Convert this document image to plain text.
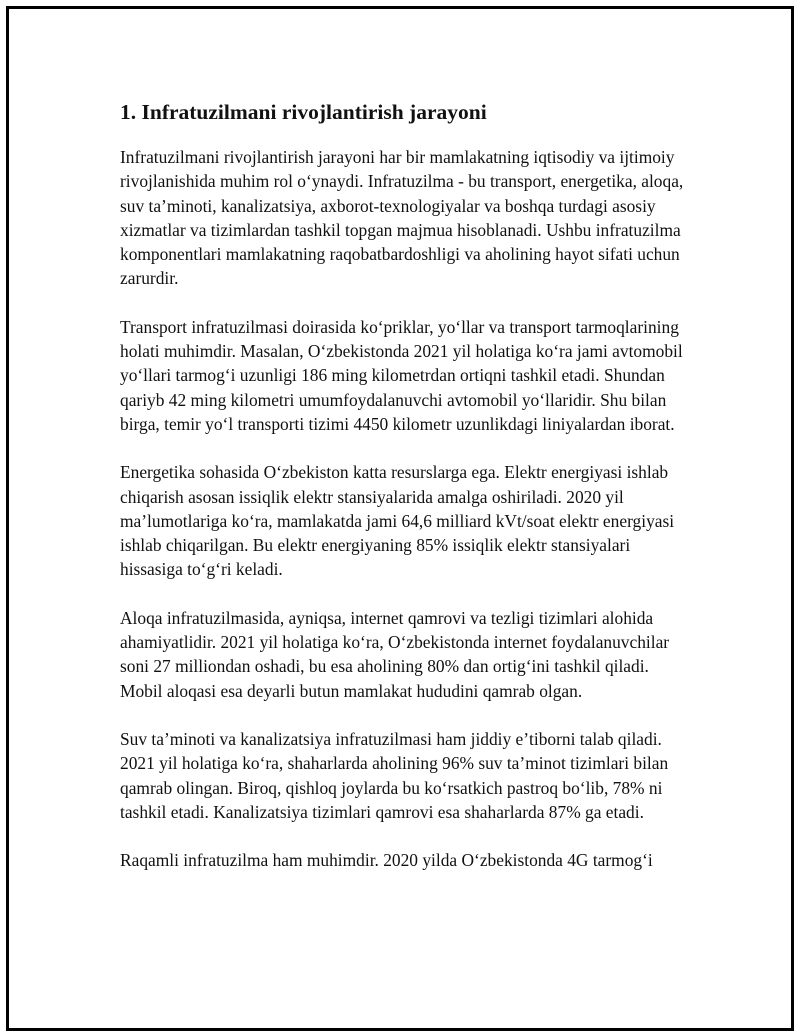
1. Infratuzilmani rivojlantirish jarayoni

Infratuzilmani rivojlantirish jarayoni har bir mamlakatning iqtisodiy va ijtimoiy rivojlanishida muhim rol oʻynaydi. Infratuzilma - bu transport, energetika, aloqa, suv taʼminoti, kanalizatsiya, axborot-texnologiyalar va boshqa turdagi asosiy xizmatlar va tizimlardan tashkil topgan majmua hisoblanadi. Ushbu infratuzilma komponentlari mamlakatning raqobatbardoshligi va aholining hayot sifati uchun zarurdir.

Transport infratuzilmasi doirasida koʻpriklar, yoʻllar va transport tarmoqlarining holati muhimdir. Masalan, Oʻzbekistonda 2021 yil holatiga koʻra jami avtomobil yoʻllari tarmogʻi uzunligi 186 ming kilometrdan ortiqni tashkil etadi. Shundan qariyb 42 ming kilometri umumfoydalanuvchi avtomobil yoʻllaridir. Shu bilan birga, temir yoʻl transporti tizimi 4450 kilometr uzunlikdagi liniyalardan iborat.

Energetika sohasida Oʻzbekiston katta resurslarga ega. Elektr energiyasi ishlab chiqarish asosan issiqlik elektr stansiyalarida amalga oshiriladi. 2020 yil maʼlumotlariga koʻra, mamlakatda jami 64,6 milliard kVt/soat elektr energiyasi ishlab chiqarilgan. Bu elektr energiyaning 85% issiqlik elektr stansiyalari hissasiga toʻgʻri keladi.

Aloqa infratuzilmasida, ayniqsa, internet qamrovi va tezligi tizimlari alohida ahamiyatlidir. 2021 yil holatiga koʻra, Oʻzbekistonda internet foydalanuvchilar soni 27 milliondan oshadi, bu esa aholining 80% dan ortigʻini tashkil qiladi. Mobil aloqasi esa deyarli butun mamlakat hududini qamrab olgan.

Suv taʼminoti va kanalizatsiya infratuzilmasi ham jiddiy eʼtiborni talab qiladi. 2021 yil holatiga koʻra, shaharlarda aholining 96% suv taʼminot tizimlari bilan qamrab olingan. Biroq, qishloq joylarda bu koʻrsatkich pastroq boʻlib, 78% ni tashkil etadi. Kanalizatsiya tizimlari qamrovi esa shaharlarda 87% ga etadi.

Raqamli infratuzilma ham muhimdir. 2020 yilda Oʻzbekistonda 4G tarmogʻi
